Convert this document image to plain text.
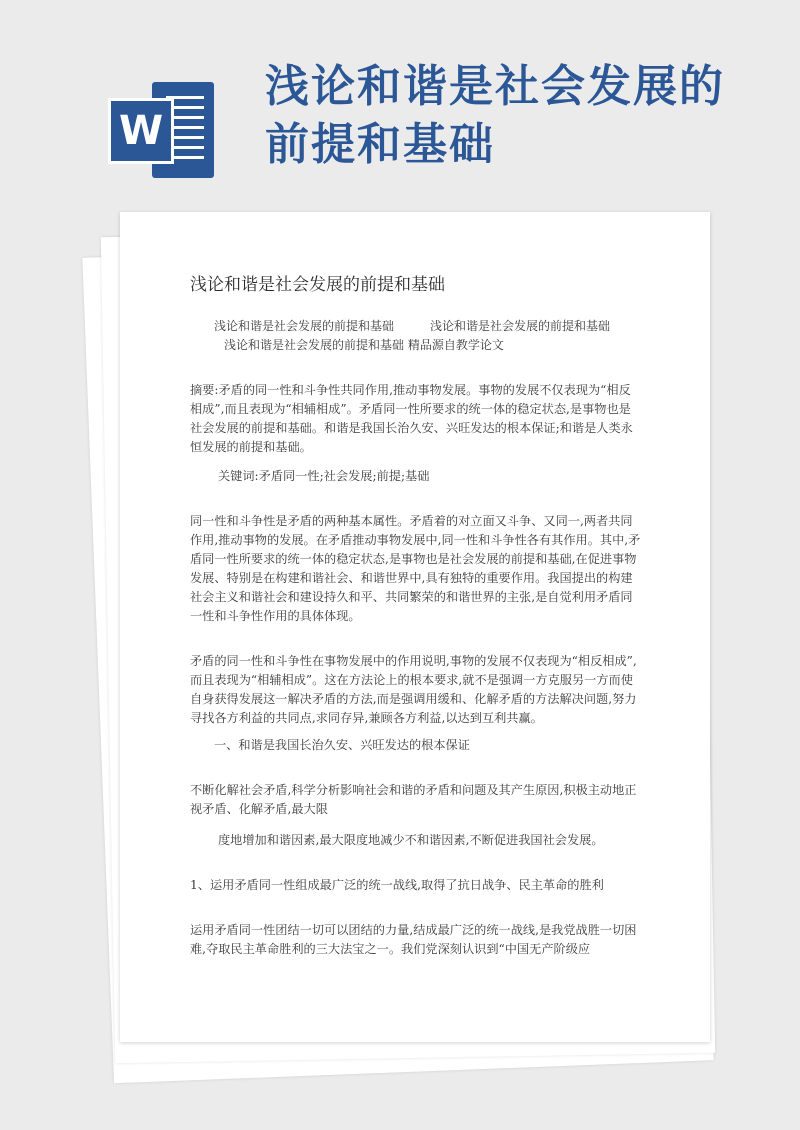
W
浅论和谐是社会发展的
前提和基础

浅论和谐是社会发展的前提和基础

浅论和谐是社会发展的前提和基础　　　浅论和谐是社会发展的前提和基础

浅论和谐是社会发展的前提和基础 精品源自教学论文

摘要:矛盾的同一性和斗争性共同作用,推动事物发展。事物的发展不仅表现为“相反相成”,而且表现为“相辅相成”。矛盾同一性所要求的统一体的稳定状态,是事物也是社会发展的前提和基础。和谐是我国长治久安、兴旺发达的根本保证;和谐是人类永恒发展的前提和基础。

关键词:矛盾同一性;社会发展;前提;基础

同一性和斗争性是矛盾的两种基本属性。矛盾着的对立面又斗争、又同一,两者共同作用,推动事物的发展。在矛盾推动事物发展中,同一性和斗争性各有其作用。其中,矛盾同一性所要求的统一体的稳定状态,是事物也是社会发展的前提和基础,在促进事物发展、特别是在构建和谐社会、和谐世界中,具有独特的重要作用。我国提出的构建社会主义和谐社会和建设持久和平、共同繁荣的和谐世界的主张,是自觉利用矛盾同一性和斗争性作用的具体体现。

矛盾的同一性和斗争性在事物发展中的作用说明,事物的发展不仅表现为“相反相成”,而且表现为“相辅相成”。这在方法论上的根本要求,就不是强调一方克服另一方而使自身获得发展这一解决矛盾的方法,而是强调用缓和、化解矛盾的方法解决问题,努力寻找各方利益的共同点,求同存异,兼顾各方利益,以达到互利共赢。

一、和谐是我国长治久安、兴旺发达的根本保证

不断化解社会矛盾,科学分析影响社会和谐的矛盾和问题及其产生原因,积极主动地正视矛盾、化解矛盾,最大限

度地增加和谐因素,最大限度地减少不和谐因素,不断促进我国社会发展。

1、运用矛盾同一性组成最广泛的统一战线,取得了抗日战争、民主革命的胜利

运用矛盾同一性团结一切可以团结的力量,结成最广泛的统一战线,是我党战胜一切困难,夺取民主革命胜利的三大法宝之一。我们党深刻认识到“中国无产阶级应
